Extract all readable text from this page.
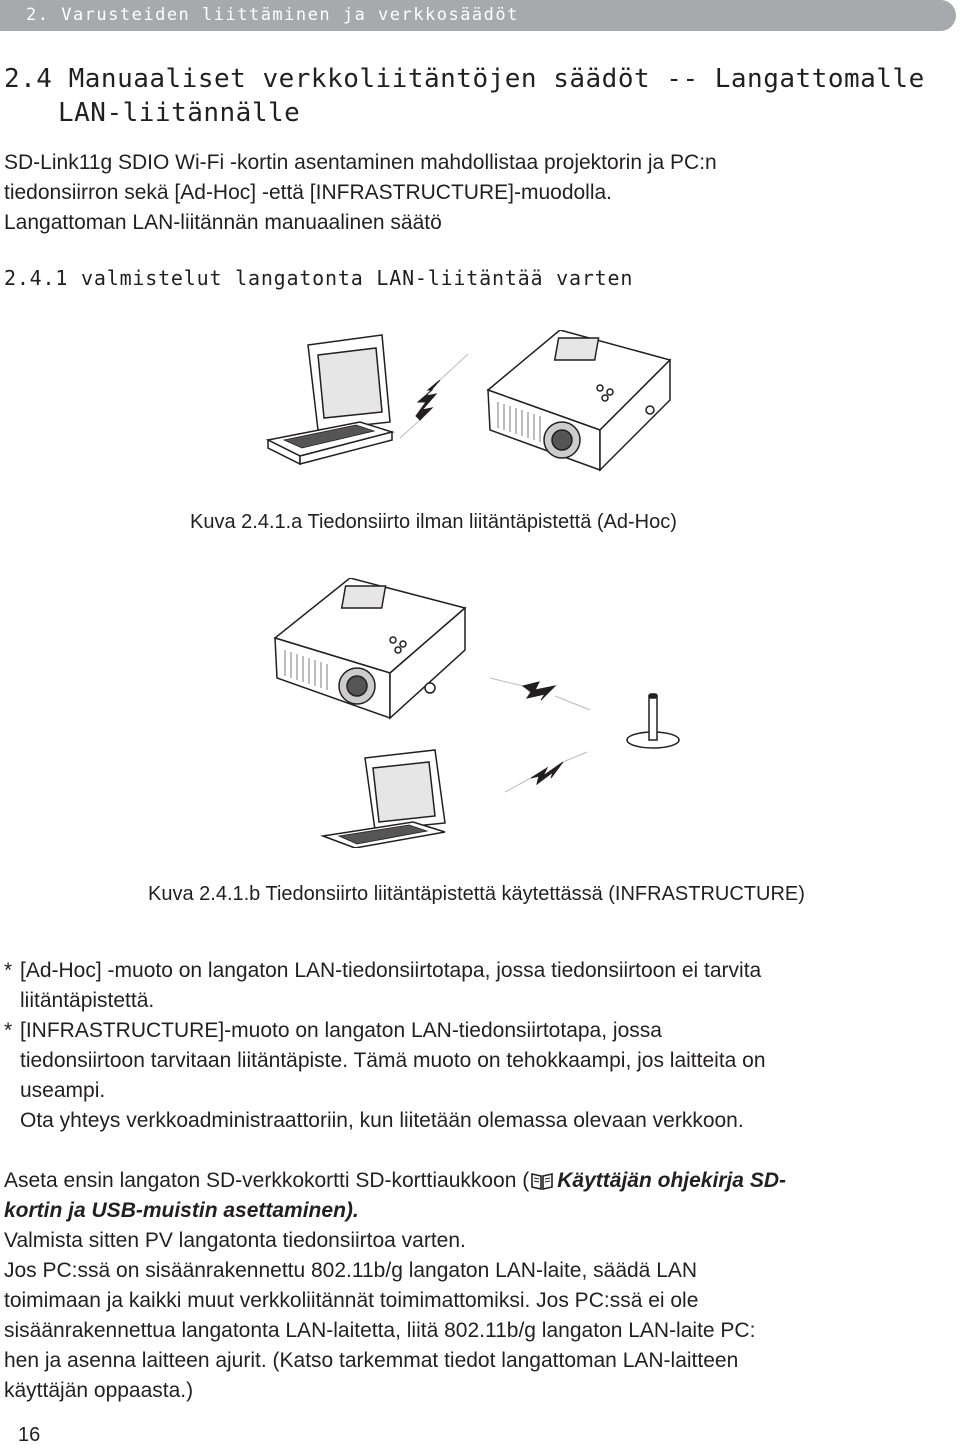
2. Varusteiden liittäminen ja verkkosäädöt
2.4 Manuaaliset verkkoliitäntöjen säädöt -- Langattomalle
LAN-liitännälle

SD-Link11g SDIO Wi-Fi -kortin asentaminen mahdollistaa projektorin ja PC:n
tiedonsiirron sekä [Ad-Hoc] -että [INFRASTRUCTURE]-muodolla.
Langattoman LAN-liitännän manuaalinen säätö

2.4.1 valmistelut langatonta LAN-liitäntää varten

Kuva 2.4.1.a Tiedonsiirto ilman liitäntäpistettä (Ad-Hoc)

Kuva 2.4.1.b Tiedonsiirto liitäntäpistettä käytettässä (INFRASTRUCTURE)

* [Ad-Hoc] -muoto on langaton LAN-tiedonsiirtotapa, jossa tiedonsiirtoon ei tarvita
liitäntäpistettä.
* [INFRASTRUCTURE]-muoto on langaton LAN-tiedonsiirtotapa, jossa
tiedonsiirtoon tarvitaan liitäntäpiste. Tämä muoto on tehokkaampi, jos laitteita on
useampi.
Ota yhteys verkkoadministraattoriin, kun liitetään olemassa olevaan verkkoon.

Aseta ensin langaton SD-verkkokortti SD-korttiaukkoon ( Käyttäjän ohjekirja SD-
kortin ja USB-muistin asettaminen).
Valmista sitten PV langatonta tiedonsiirtoa varten.
Jos PC:ssä on sisäänrakennettu 802.11b/g langaton LAN-laite, säädä LAN
toimimaan ja kaikki muut verkkoliitännät toimimattomiksi. Jos PC:ssä ei ole
sisäänrakennettua langatonta LAN-laitetta, liitä 802.11b/g langaton LAN-laite PC:
hen ja asenna laitteen ajurit. (Katso tarkemmat tiedot langattoman LAN-laitteen
käyttäjän oppaasta.)

16
